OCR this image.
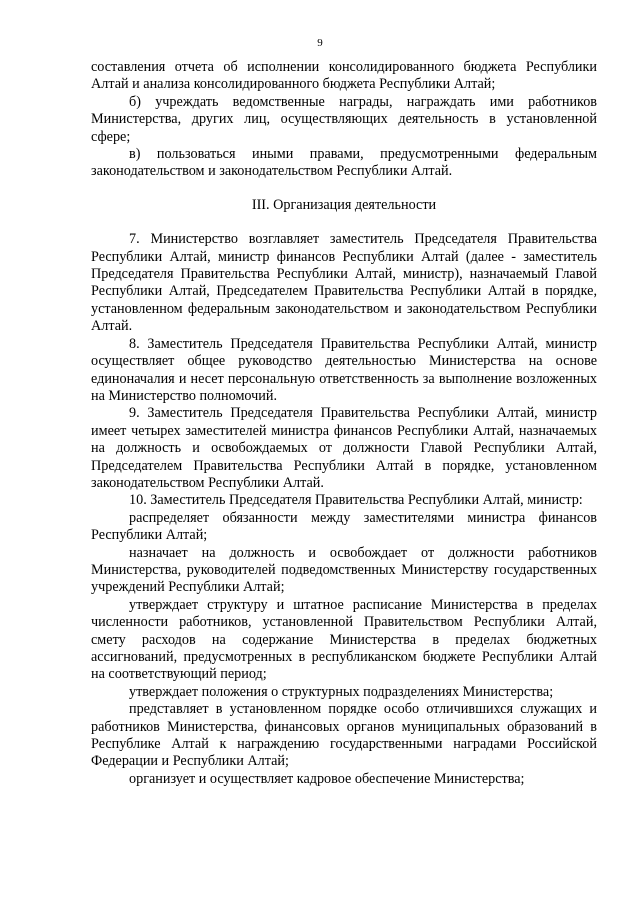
9

составления отчета об исполнении консолидированного бюджета Республики Алтай и анализа консолидированного бюджета Республики Алтай;

б) учреждать ведомственные награды, награждать ими работников Министерства, других лиц, осуществляющих деятельность в установленной сфере;

в) пользоваться иными правами, предусмотренными федеральным законодательством и законодательством Республики Алтай.

III. Организация деятельности

7. Министерство возглавляет заместитель Председателя Правительства Республики Алтай, министр финансов Республики Алтай (далее - заместитель Председателя Правительства Республики Алтай, министр), назначаемый Главой Республики Алтай, Председателем Правительства Республики Алтай в порядке, установленном федеральным законодательством и законодательством Республики Алтай.

8. Заместитель Председателя Правительства Республики Алтай, министр осуществляет общее руководство деятельностью Министерства на основе единоначалия и несет персональную ответственность за выполнение возложенных на Министерство полномочий.

9. Заместитель Председателя Правительства Республики Алтай, министр имеет четырех заместителей министра финансов Республики Алтай, назначаемых на должность и освобождаемых от должности Главой Республики Алтай, Председателем Правительства Республики Алтай в порядке, установленном законодательством Республики Алтай.

10. Заместитель Председателя Правительства Республики Алтай, министр:

распределяет обязанности между заместителями министра финансов Республики Алтай;

назначает на должность и освобождает от должности работников Министерства, руководителей подведомственных Министерству государственных учреждений Республики Алтай;

утверждает структуру и штатное расписание Министерства в пределах численности работников, установленной Правительством Республики Алтай, смету расходов на содержание Министерства в пределах бюджетных ассигнований, предусмотренных в республиканском бюджете Республики Алтай на соответствующий период;

утверждает положения о структурных подразделениях Министерства;

представляет в установленном порядке особо отличившихся служащих и работников Министерства, финансовых органов муниципальных образований в Республике Алтай к награждению государственными наградами Российской Федерации и Республики Алтай;

организует и осуществляет кадровое обеспечение Министерства;
